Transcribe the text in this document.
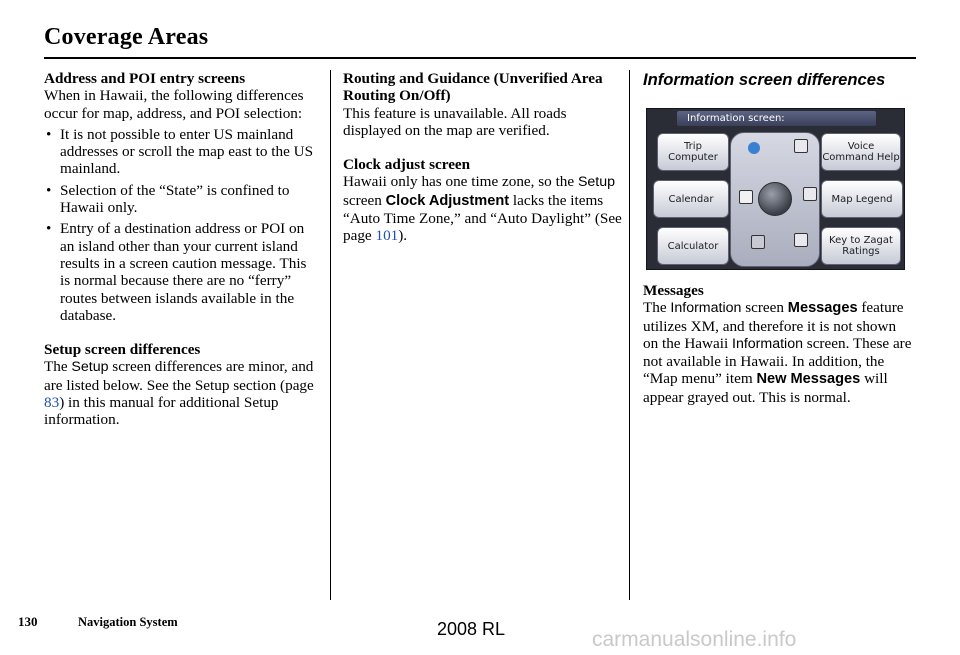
Coverage Areas
Address and POI entry screens
When in Hawaii, the following differences occur for map, address, and POI selection:
• It is not possible to enter US mainland addresses or scroll the map east to the US mainland.
• Selection of the “State” is confined to Hawaii only.
• Entry of a destination address or POI on an island other than your current island results in a screen caution message. This is normal because there are no “ferry” routes between islands available in the database.
Setup screen differences
The Setup screen differences are minor, and are listed below. See the Setup section (page 83) in this manual for additional Setup information.
Routing and Guidance (Unverified Area Routing On/Off)
This feature is unavailable. All roads displayed on the map are verified.
Clock adjust screen
Hawaii only has one time zone, so the Setup screen Clock Adjustment lacks the items “Auto Time Zone,” and “Auto Daylight” (See page 101).
Information screen differences
Information screen:
Trip Computer
Calendar
Calculator
Voice Command Help
Map Legend
Key to Zagat Ratings
Messages
The Information screen Messages feature utilizes XM, and therefore it is not shown on the Hawaii Information screen. These are not available in Hawaii. In addition, the “Map menu” item New Messages will appear grayed out. This is normal.
130	Navigation System	2008 RL	carmanualsonline.info
